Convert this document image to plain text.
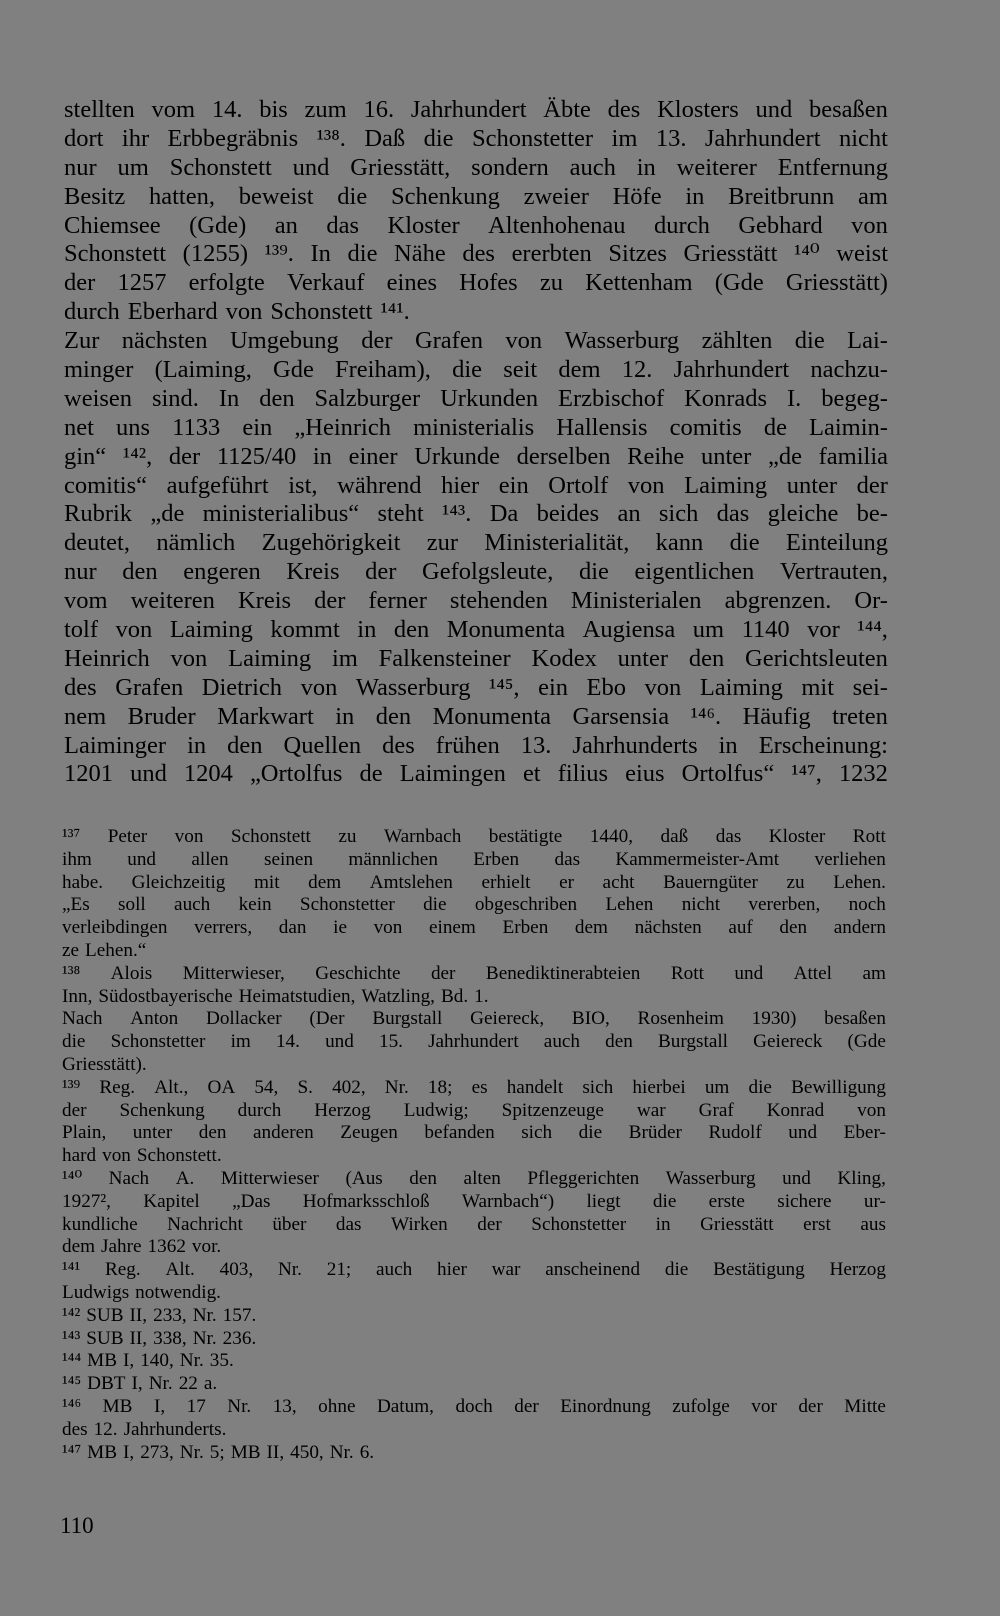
stellten vom 14. bis zum 16. Jahrhundert Äbte des Klosters und besaßen
dort ihr Erbbegräbnis ¹³⁸. Daß die Schonstetter im 13. Jahrhundert nicht
nur um Schonstett und Griesstätt, sondern auch in weiterer Entfernung
Besitz hatten, beweist die Schenkung zweier Höfe in Breitbrunn am
Chiemsee (Gde) an das Kloster Altenhohenau durch Gebhard von
Schonstett (1255) ¹³⁹. In die Nähe des ererbten Sitzes Griesstätt ¹⁴⁰ weist
der 1257 erfolgte Verkauf eines Hofes zu Kettenham (Gde Griesstätt)
durch Eberhard von Schonstett ¹⁴¹.
Zur nächsten Umgebung der Grafen von Wasserburg zählten die Lai-
minger (Laiming, Gde Freiham), die seit dem 12. Jahrhundert nachzu-
weisen sind. In den Salzburger Urkunden Erzbischof Konrads I. begeg-
net uns 1133 ein „Heinrich ministerialis Hallensis comitis de Laimin-
gin“ ¹⁴², der 1125/40 in einer Urkunde derselben Reihe unter „de familia
comitis“ aufgeführt ist, während hier ein Ortolf von Laiming unter der
Rubrik „de ministerialibus“ steht ¹⁴³. Da beides an sich das gleiche be-
deutet, nämlich Zugehörigkeit zur Ministerialität, kann die Einteilung
nur den engeren Kreis der Gefolgsleute, die eigentlichen Vertrauten,
vom weiteren Kreis der ferner stehenden Ministerialen abgrenzen. Or-
tolf von Laiming kommt in den Monumenta Augiensa um 1140 vor ¹⁴⁴,
Heinrich von Laiming im Falkensteiner Kodex unter den Gerichtsleuten
des Grafen Dietrich von Wasserburg ¹⁴⁵, ein Ebo von Laiming mit sei-
nem Bruder Markwart in den Monumenta Garsensia ¹⁴⁶. Häufig treten
Laiminger in den Quellen des frühen 13. Jahrhunderts in Erscheinung:
1201 und 1204 „Ortolfus de Laimingen et filius eius Ortolfus“ ¹⁴⁷, 1232
¹³⁷ Peter von Schonstett zu Warnbach bestätigte 1440, daß das Kloster Rott
ihm und allen seinen männlichen Erben das Kammermeister-Amt verliehen
habe. Gleichzeitig mit dem Amtslehen erhielt er acht Bauerngüter zu Lehen.
„Es soll auch kein Schonstetter die obgeschriben Lehen nicht vererben, noch
verleibdingen verrers, dan ie von einem Erben dem nächsten auf den andern
ze Lehen.“
¹³⁸ Alois Mitterwieser, Geschichte der Benediktinerabteien Rott und Attel am
Inn, Südostbayerische Heimatstudien, Watzling, Bd. 1.
Nach Anton Dollacker (Der Burgstall Geiereck, BIO, Rosenheim 1930) besaßen
die Schonstetter im 14. und 15. Jahrhundert auch den Burgstall Geiereck (Gde
Griesstätt).
¹³⁹ Reg. Alt., OA 54, S. 402, Nr. 18; es handelt sich hierbei um die Bewilligung
der Schenkung durch Herzog Ludwig; Spitzenzeuge war Graf Konrad von
Plain, unter den anderen Zeugen befanden sich die Brüder Rudolf und Eber-
hard von Schonstett.
¹⁴⁰ Nach A. Mitterwieser (Aus den alten Pfleggerichten Wasserburg und Kling,
1927², Kapitel „Das Hofmarksschloß Warnbach“) liegt die erste sichere ur-
kundliche Nachricht über das Wirken der Schonstetter in Griesstätt erst aus
dem Jahre 1362 vor.
¹⁴¹ Reg. Alt. 403, Nr. 21; auch hier war anscheinend die Bestätigung Herzog
Ludwigs notwendig.
¹⁴² SUB II, 233, Nr. 157.
¹⁴³ SUB II, 338, Nr. 236.
¹⁴⁴ MB I, 140, Nr. 35.
¹⁴⁵ DBT I, Nr. 22 a.
¹⁴⁶ MB I, 17 Nr. 13, ohne Datum, doch der Einordnung zufolge vor der Mitte
des 12. Jahrhunderts.
¹⁴⁷ MB I, 273, Nr. 5; MB II, 450, Nr. 6.
110
